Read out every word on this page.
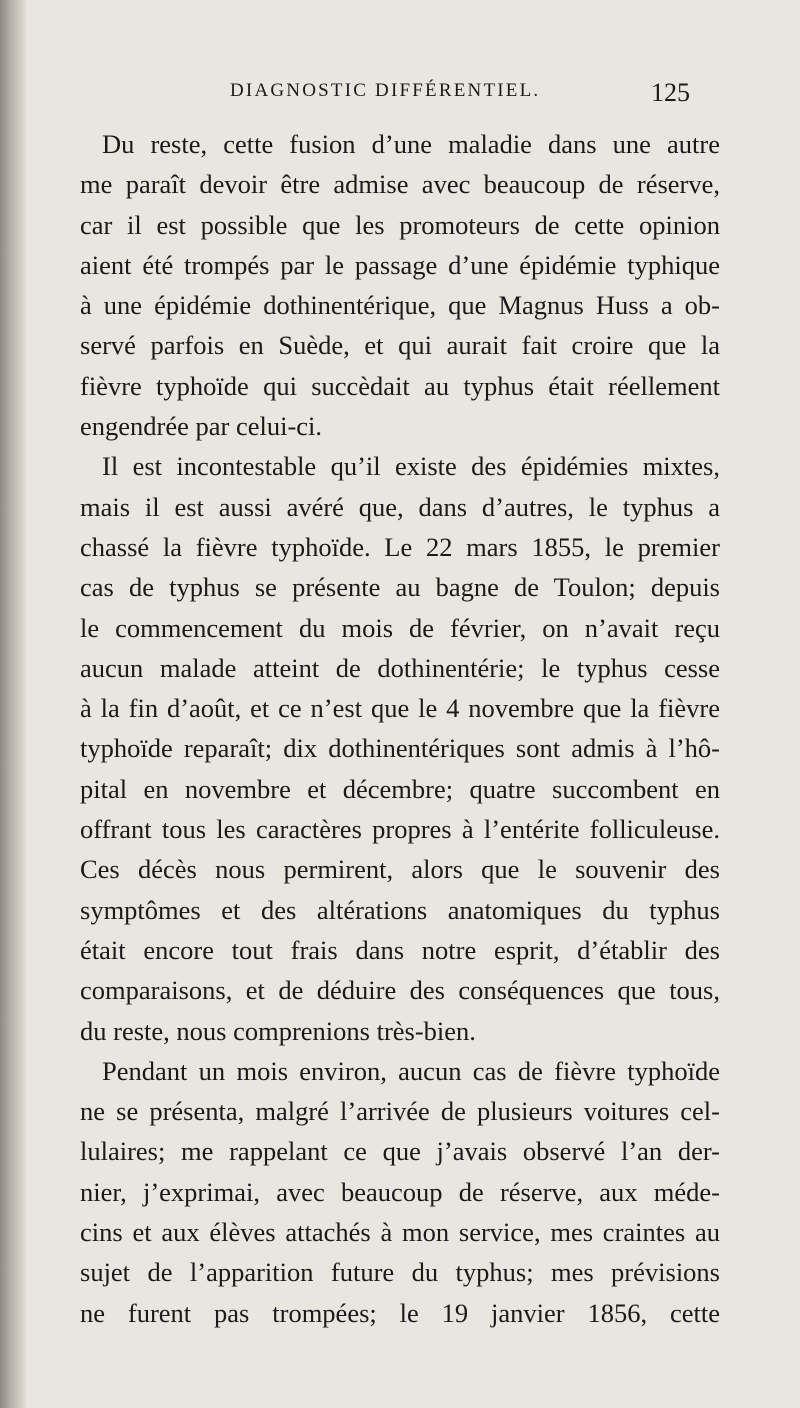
DIAGNOSTIC DIFFÉRENTIEL.	125
Du reste, cette fusion d’une maladie dans une autre
me paraît devoir être admise avec beaucoup de réserve,
car il est possible que les promoteurs de cette opinion
aient été trompés par le passage d’une épidémie typhique
à une épidémie dothinentérique, que Magnus Huss a ob-
servé parfois en Suède, et qui aurait fait croire que la
fièvre typhoïde qui succèdait au typhus était réellement
engendrée par celui-ci.
Il est incontestable qu’il existe des épidémies mixtes,
mais il est aussi avéré que, dans d’autres, le typhus a
chassé la fièvre typhoïde. Le 22 mars 1855, le premier
cas de typhus se présente au bagne de Toulon; depuis
le commencement du mois de février, on n’avait reçu
aucun malade atteint de dothinentérie; le typhus cesse
à la fin d’août, et ce n’est que le 4 novembre que la fièvre
typhoïde reparaît; dix dothinentériques sont admis à l’hô-
pital en novembre et décembre; quatre succombent en
offrant tous les caractères propres à l’entérite folliculeuse.
Ces décès nous permirent, alors que le souvenir des
symptômes et des altérations anatomiques du typhus
était encore tout frais dans notre esprit, d’établir des
comparaisons, et de déduire des conséquences que tous,
du reste, nous comprenions très-bien.
Pendant un mois environ, aucun cas de fièvre typhoïde
ne se présenta, malgré l’arrivée de plusieurs voitures cel-
lulaires; me rappelant ce que j’avais observé l’an der-
nier, j’exprimai, avec beaucoup de réserve, aux méde-
cins et aux élèves attachés à mon service, mes craintes au
sujet de l’apparition future du typhus; mes prévisions
ne furent pas trompées; le 19 janvier 1856, cette
